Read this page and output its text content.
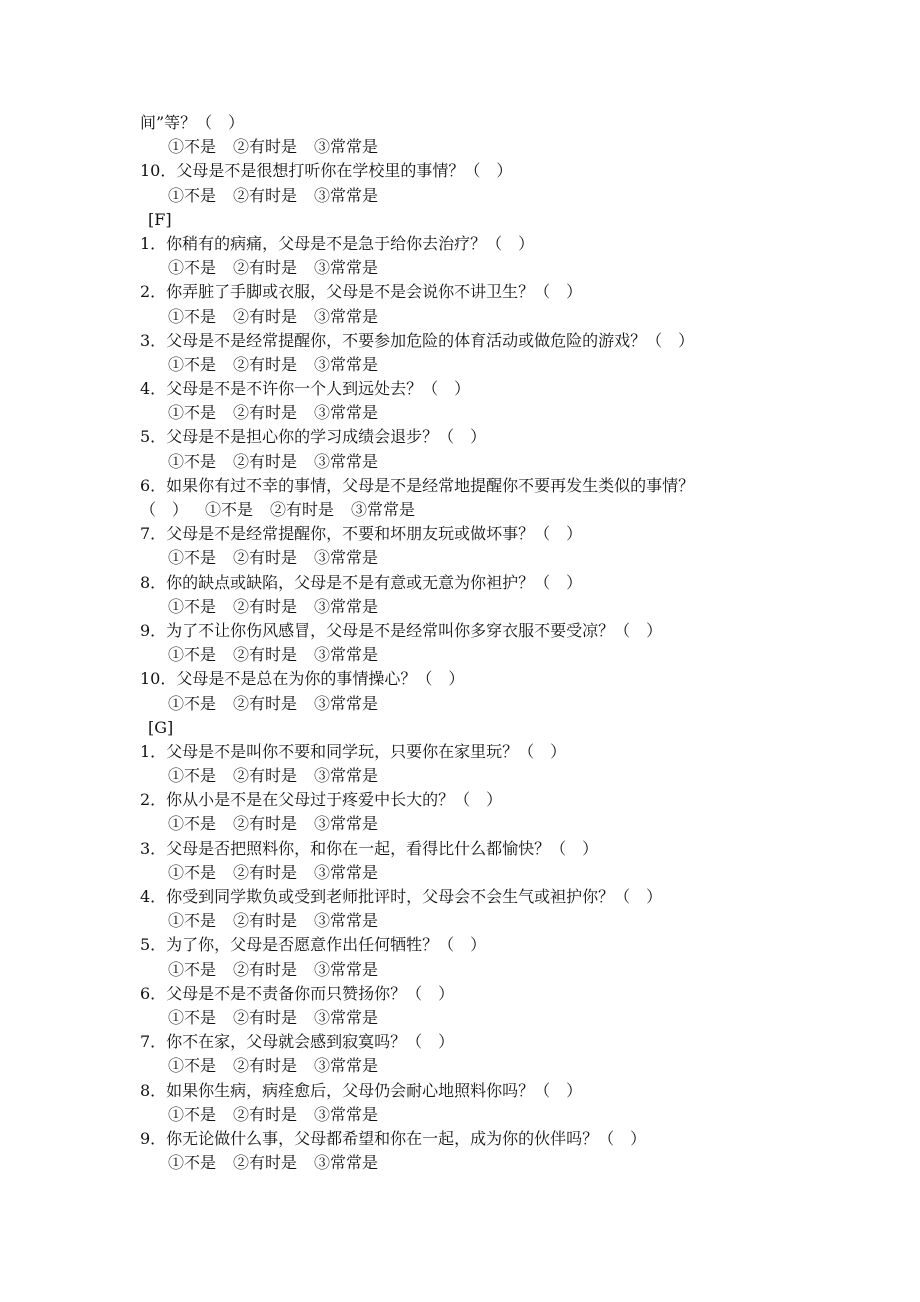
间”等？（　）
①不是 ②有时是 ③常常是
10．父母是不是很想打听你在学校里的事情？（　）
①不是 ②有时是 ③常常是
[F]
1．你稍有的病痛，父母是不是急于给你去治疗？（　）
①不是 ②有时是 ③常常是
2．你弄脏了手脚或衣服，父母是不是会说你不讲卫生？（　）
①不是 ②有时是 ③常常是
3．父母是不是经常提醒你，不要参加危险的体育活动或做危险的游戏？（　）
①不是 ②有时是 ③常常是
4．父母是不是不许你一个人到远处去？（　）
①不是 ②有时是 ③常常是
5．父母是不是担心你的学习成绩会退步？（　）
①不是 ②有时是 ③常常是
6．如果你有过不幸的事情，父母是不是经常地提醒你不要再发生类似的事情？
（　） ①不是 ②有时是 ③常常是
7．父母是不是经常提醒你，不要和坏朋友玩或做坏事？（　）
①不是 ②有时是 ③常常是
8．你的缺点或缺陷，父母是不是有意或无意为你袒护？（　）
①不是 ②有时是 ③常常是
9．为了不让你伤风感冒，父母是不是经常叫你多穿衣服不要受凉？（　）
①不是 ②有时是 ③常常是
10．父母是不是总在为你的事情操心？（　）
①不是 ②有时是 ③常常是
[G]
1．父母是不是叫你不要和同学玩，只要你在家里玩？（　）
①不是 ②有时是 ③常常是
2．你从小是不是在父母过于疼爱中长大的？（　）
①不是 ②有时是 ③常常是
3．父母是否把照料你，和你在一起，看得比什么都愉快？（　）
①不是 ②有时是 ③常常是
4．你受到同学欺负或受到老师批评时，父母会不会生气或袒护你？（　）
①不是 ②有时是 ③常常是
5．为了你，父母是否愿意作出任何牺牲？（　）
①不是 ②有时是 ③常常是
6．父母是不是不责备你而只赞扬你？（　）
①不是 ②有时是 ③常常是
7．你不在家，父母就会感到寂寞吗？（　）
①不是 ②有时是 ③常常是
8．如果你生病，病痊愈后，父母仍会耐心地照料你吗？（　）
①不是 ②有时是 ③常常是
9．你无论做什么事，父母都希望和你在一起，成为你的伙伴吗？（　）
①不是 ②有时是 ③常常是
